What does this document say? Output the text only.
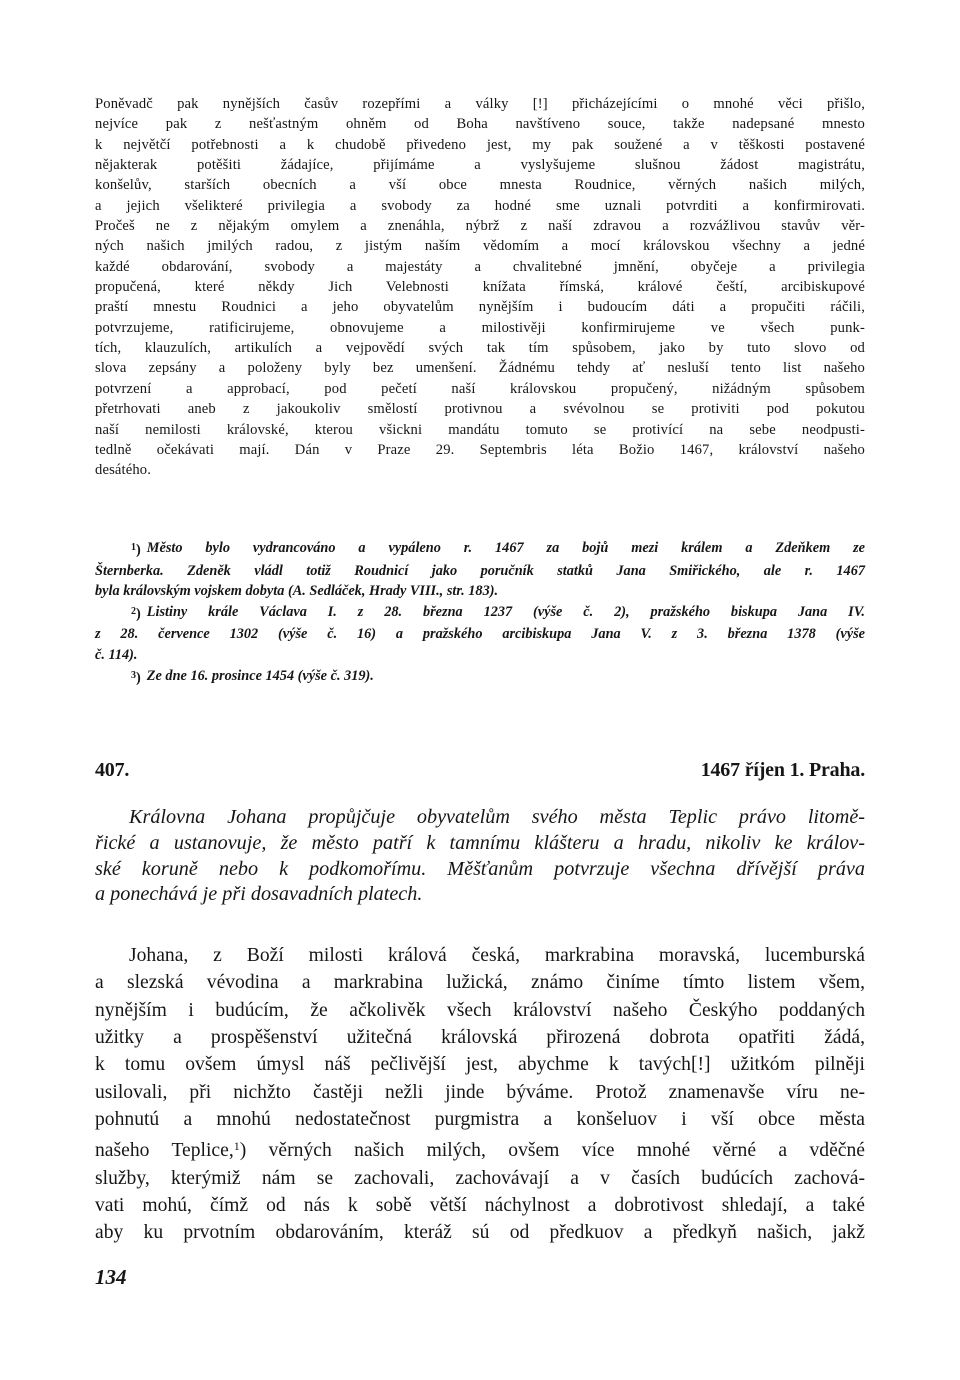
Poněvadč pak nynějších časův rozepřími a války [!] přicházejícími o mnohé věci přišlo,
nejvíce pak z nešťastným ohněm od Boha navštíveno souce, takže nadepsané mnesto
k největčí potřebnosti a k chudobě přivedeno jest, my pak soužené a v těškosti postavené
nějakterak potěšiti žádajíce, přijímáme a vyslyšujeme slušnou žádost magistrátu,
konšelův, starších obecních a vší obce mnesta Roudnice, věrných našich milých,
a jejich všelikteré privilegia a svobody za hodné sme uznali potvrditi a konfirmirovati.
Pročeš ne z nějakým omylem a znenáhla, nýbrž z naší zdravou a rozvážlivou stavův věr-
ných našich jmilých radou, z jistým naším vědomím a mocí královskou všechny a jedné
každé obdarování, svobody a majestáty a chvalitebné jmnění, obyčeje a privilegia
propučená, které někdy Jich Velebnosti knížata římská, králové čeští, arcibiskupové
praští mnestu Roudnici a jeho obyvatelům nynějším i budoucím dáti a propučiti ráčili,
potvrzujeme, ratificirujeme, obnovujeme a milostivěji konfirmirujeme ve všech punk-
tích, klauzulích, artikulích a vejpovědí svých tak tím spůsobem, jako by tuto slovo od
slova zepsány a položeny byly bez umenšení. Žádnému tehdy ať nesluší tento list našeho
potvrzení a approbací, pod pečetí naší královskou propučený, nižádným spůsobem
přetrhovati aneb z jakoukoliv smělostí protivnou a svévolnou se protiviti pod pokutou
naší nemilosti královské, kterou všicknі mandátu tomuto se protivící na sebe neodpusti-
tedlně očekávati mají. Dán v Praze 29. Septembris léta Božio 1467, království našeho
desátého.
$^1$) Město bylo vydrancováno a vypáleno r. 1467 za bojů mezi králem a Zdeňkem ze
Šternberka. Zdeněk vládl totiž Roudnicí jako poručník statků Jana Smiřického, ale r. 1467
byla královským vojskem dobyta (A. Sedláček, Hrady VIII., str. 183).
$^2$) Listiny krále Václava I. z 28. března 1237 (výše č. 2), pražského biskupa Jana IV.
z 28. července 1302 (výše č. 16) a pražského arcibiskupa Jana V. z 3. března 1378 (výše
č. 114).
$^3$) Ze dne 16. prosince 1454 (výše č. 319).
407.	1467 říjen 1. Praha.
Královna Johana propůjčuje obyvatelům svého města Teplic právo litomě-
řické a ustanovuje, že město patří k tamnímu klášteru a hradu, nikoliv ke králov-
ské koruně nebo k podkomořímu. Měšťanům potvrzuje všechna dřívější práva
a ponechává je při dosavadních platech.
Johana, z Boží milosti králová česká, markrabina moravská, lucemburská
a slezská vévodina a markrabina lužická, známo činíme tímto listem všem,
nynějším i budúcím, že ačkolivěk všech království našeho Českýho poddaných
užitky a prospěšenství užitečná královská přirozená dobrota opatřiti žádá,
k tomu ovšem úmysl náš pečlivější jest, abychme k tavých[!] užitkóm pilněji
usilovali, při nichžto častěji nežli jinde býváme. Protož znamenavše víru ne-
pohnutú a mnohú nedostatečnost purgmistra a konšeluov i vší obce města
našeho Teplice,$^1$) věrných našich milých, ovšem více mnohé věrné a vděčné
služby, kterýmiž nám se zachovali, zachovávají a v časích budúcích zachová-
vati mohú, čímž od nás k sobě větší náchylnost a dobrotivost shledají, a také
aby ku prvotním obdarováním, kteráž sú od předkuov a předkyň našich, jakž
134
